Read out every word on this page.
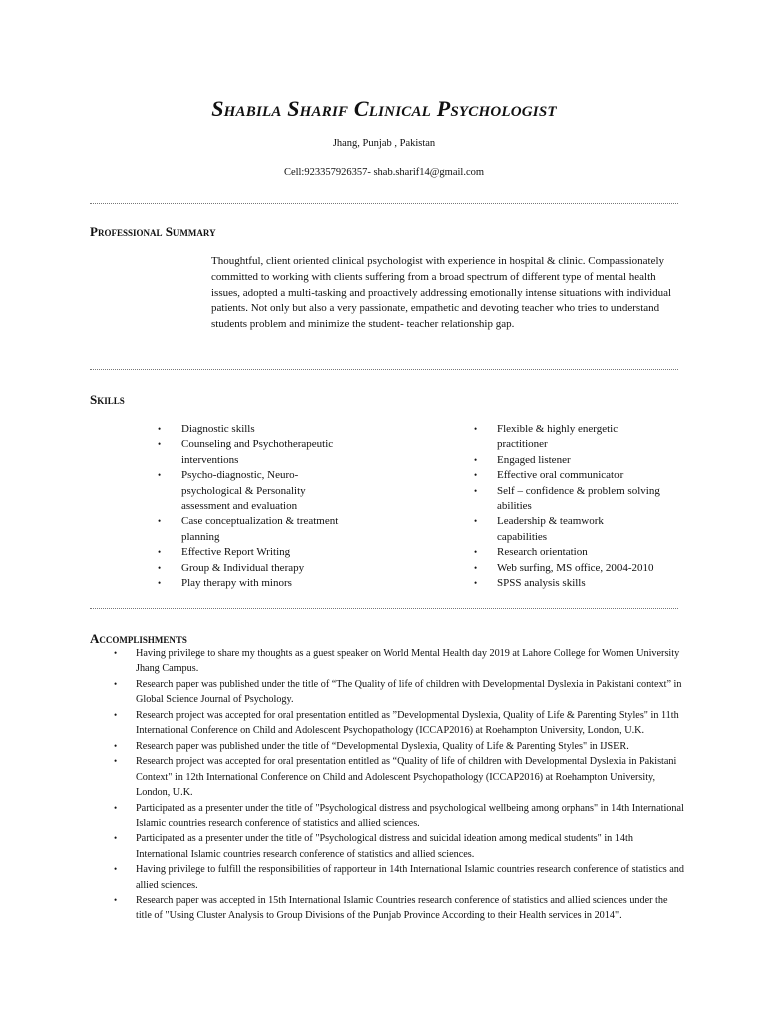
Shabila Sharif Clinical Psychologist
Jhang, Punjab , Pakistan
Cell:923357926357- shab.sharif14@gmail.com
Professional Summary

Thoughtful, client oriented clinical psychologist with experience in hospital & clinic. Compassionately committed to working with clients suffering from a broad spectrum of different type of mental health issues, adopted a multi-tasking and proactively addressing emotionally intense situations with individual patients. Not only but also a very passionate, empathetic and devoting teacher who tries to understand students problem and minimize the student- teacher relationship gap.

Skills
• Diagnostic skills
• Counseling and Psychotherapeutic interventions
• Psycho-diagnostic, Neuro-psychological & Personality assessment and evaluation
• Case conceptualization & treatment planning
• Effective Report Writing
• Group & Individual therapy
• Play therapy with minors
• Flexible & highly energetic practitioner
• Engaged listener
• Effective oral communicator
• Self – confidence & problem solving abilities
• Leadership & teamwork capabilities
• Research orientation
• Web surfing, MS office, 2004-2010
• SPSS analysis skills
Accomplishments
• Having privilege to share my thoughts as a guest speaker on World Mental Health day 2019 at Lahore College for Women University Jhang Campus.
• Research paper was published under the title of “The Quality of life of children with Developmental Dyslexia in Pakistani context” in Global Science Journal of Psychology.
• Research project was accepted for oral presentation entitled as ”Developmental Dyslexia, Quality of Life & Parenting Styles" in 11th International Conference on Child and Adolescent Psychopathology (ICCAP2016) at Roehampton University, London, U.K.
• Research paper was published under the title of “Developmental Dyslexia, Quality of Life & Parenting Styles" in IJSER.
• Research project was accepted for oral presentation entitled as “Quality of life of children with Developmental Dyslexia in Pakistani Context" in 12th International Conference on Child and Adolescent Psychopathology (ICCAP2016) at Roehampton University, London, U.K.
• Participated as a presenter under the title of "Psychological distress and psychological wellbeing among orphans" in 14th International Islamic countries research conference of statistics and allied sciences.
• Participated as a presenter under the title of "Psychological distress and suicidal ideation among medical students" in 14th International Islamic countries research conference of statistics and allied sciences.
• Having privilege to fulfill the responsibilities of rapporteur in 14th International Islamic countries research conference of statistics and allied sciences.
• Research paper was accepted in 15th International Islamic Countries research conference of statistics and allied sciences under the title of "Using Cluster Analysis to Group Divisions of the Punjab Province According to their Health services in 2014".
